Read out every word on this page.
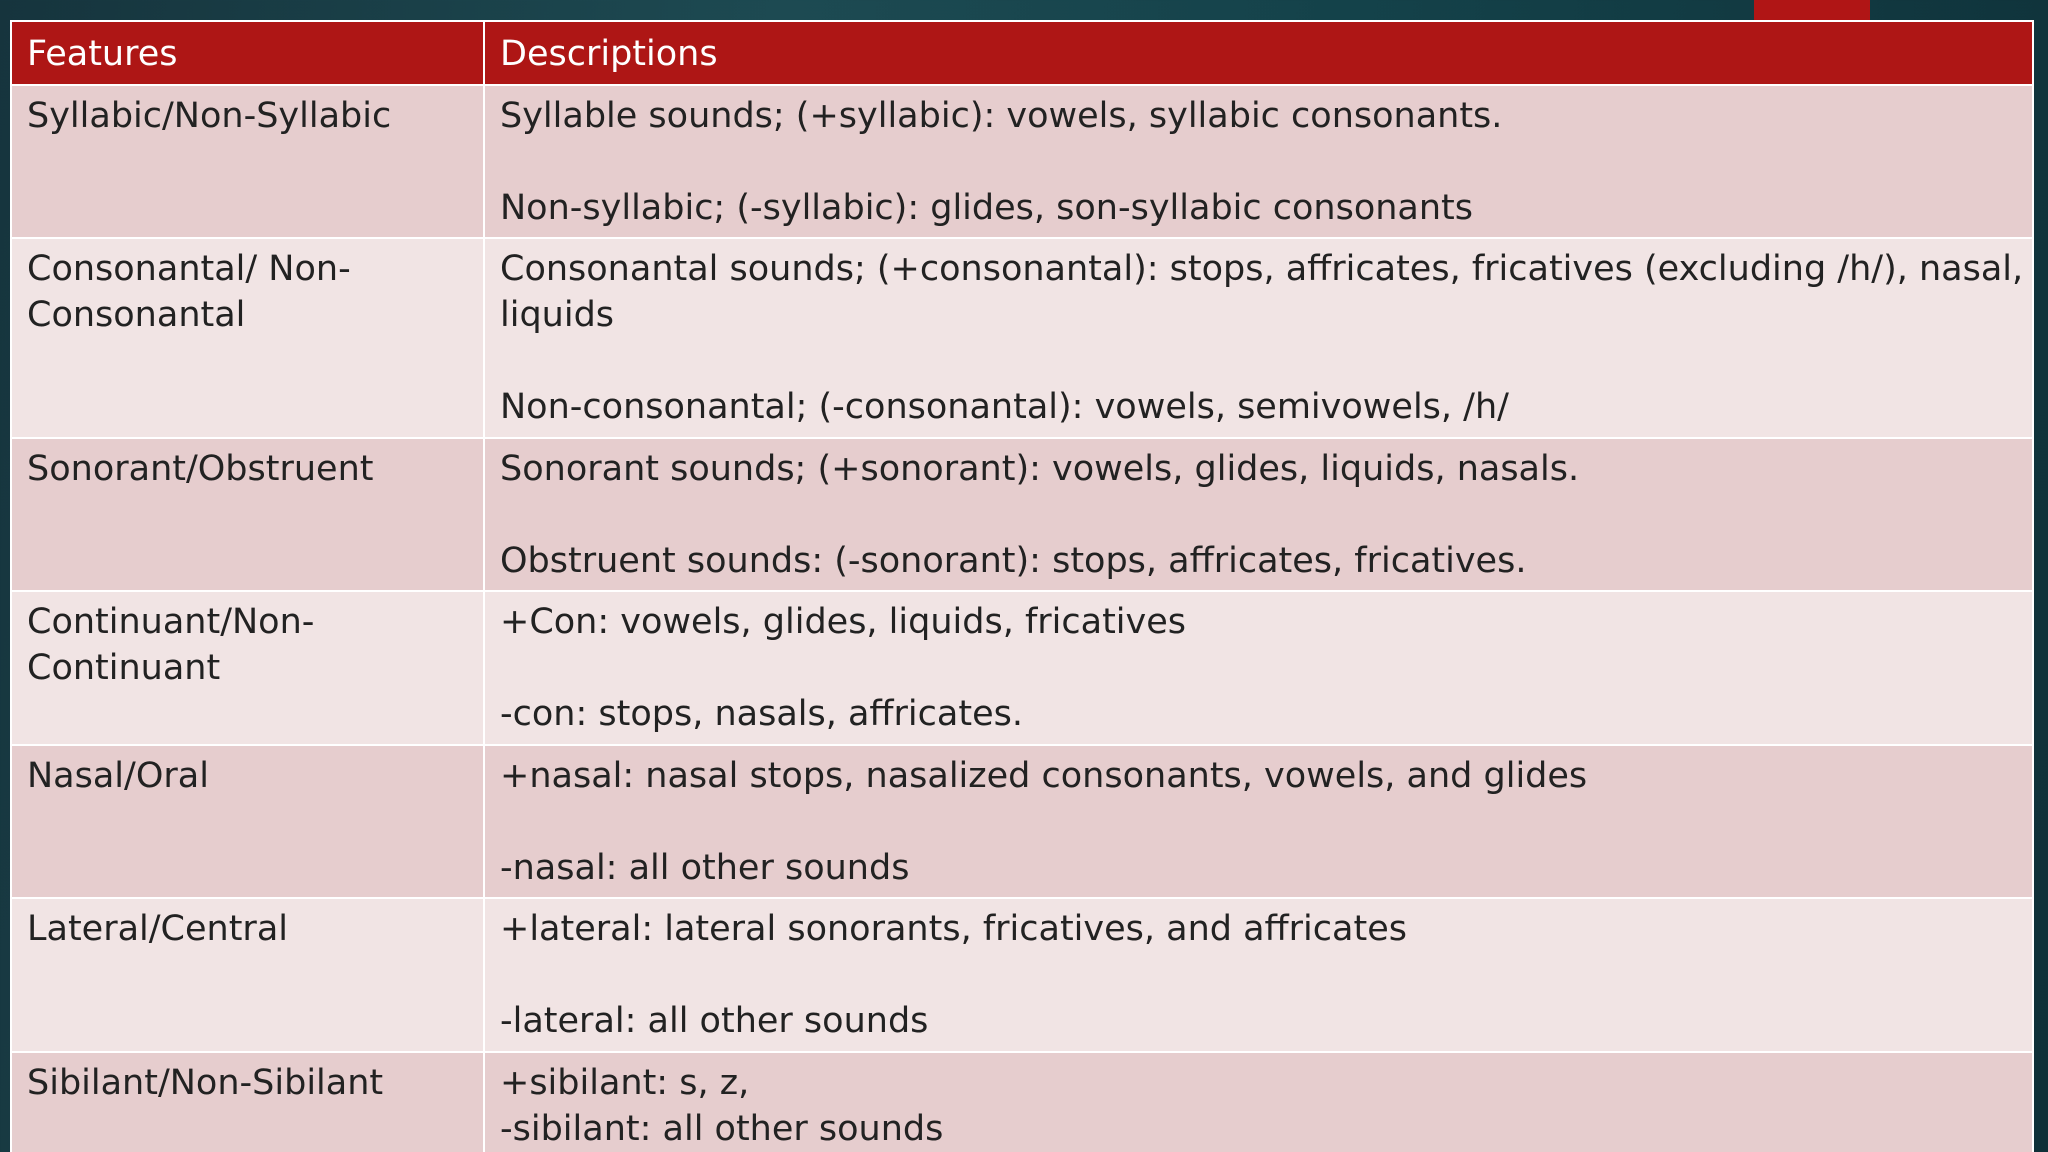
Features	Descriptions
Syllabic/Non-Syllabic	Syllable sounds; (+syllabic): vowels, syllabic consonants.
Non-syllabic; (-syllabic): glides, son-syllabic consonants

Consonantal/ Non-Consonantal	Consonantal sounds; (+consonantal): stops, affricates, fricatives (excluding /h/), nasal, liquids
Non-consonantal; (-consonantal): vowels, semivowels, /h/

Sonorant/Obstruent	Sonorant sounds; (+sonorant): vowels, glides, liquids, nasals.
Obstruent sounds: (-sonorant): stops, affricates, fricatives.

Continuant/Non-Continuant	+Con: vowels, glides, liquids, fricatives
-con: stops, nasals, affricates.

Nasal/Oral	+nasal: nasal stops, nasalized consonants, vowels, and glides
-nasal: all other sounds

Lateral/Central	+lateral: lateral sonorants, fricatives, and affricates
-lateral: all other sounds

Sibilant/Non-Sibilant	+sibilant: s, z,
-sibilant: all other sounds
